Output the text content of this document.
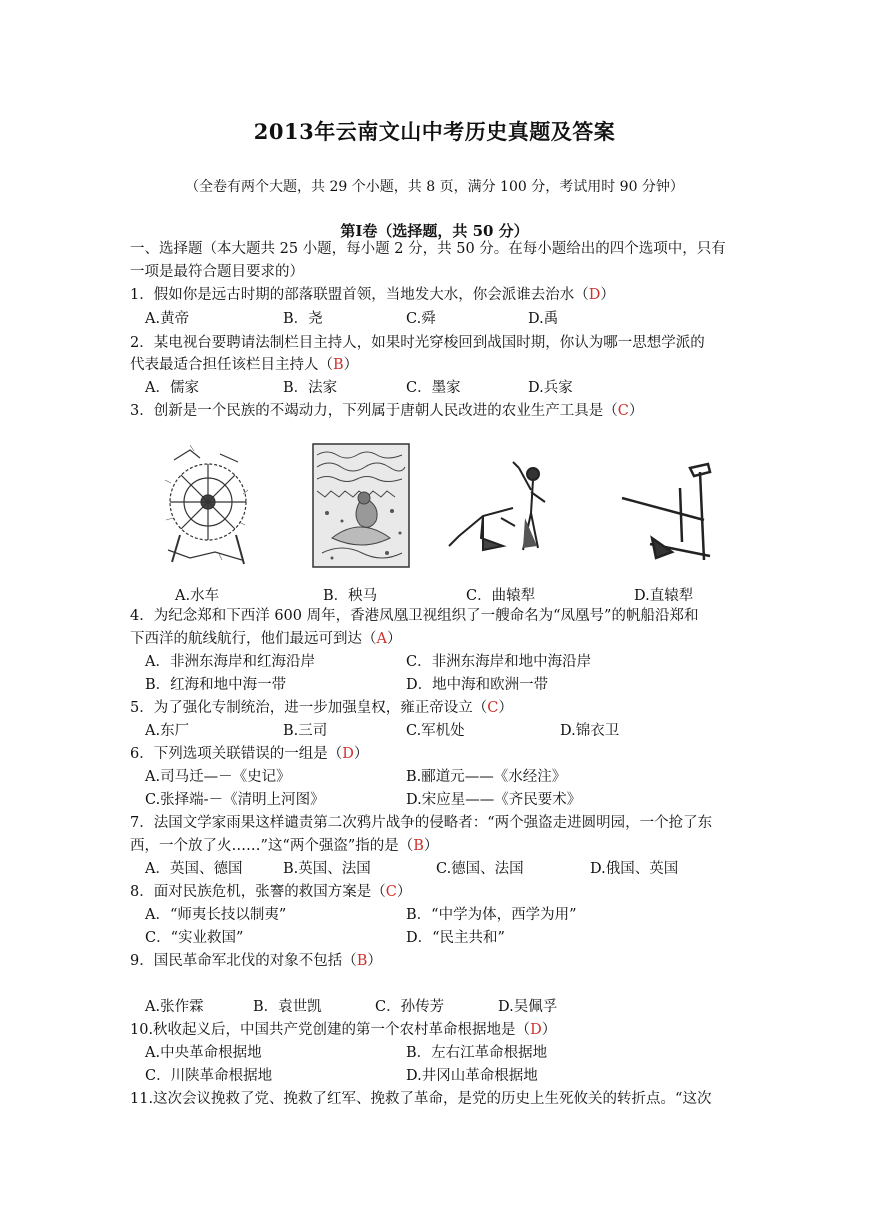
2013年云南文山中考历史真题及答案
（全卷有两个大题，共 29 个小题，共 8 页，满分 100 分，考试用时 90 分钟）
第Ⅰ卷（选择题，共 50 分）
一、选择题（本大题共 25 小题，每小题 2 分，共 50 分。在每小题给出的四个选项中，只有
一项是最符合题目要求的）
1．假如你是远古时期的部落联盟首领，当地发大水，你会派谁去治水（D）
A.黄帝	B．尧	C.舜	D.禹
2．某电视台要聘请法制栏目主持人，如果时光穿梭回到战国时期，你认为哪一思想学派的
代表最适合担任该栏目主持人（B）
A．儒家	B．法家	C．墨家	D.兵家
3．创新是一个民族的不竭动力，下列属于唐朝人民改进的农业生产工具是（C）
A.水车	B．秧马	C．曲辕犁	D.直辕犁
4．为纪念郑和下西洋 600 周年，香港凤凰卫视组织了一艘命名为“凤凰号”的帆船沿郑和
下西洋的航线航行，他们最远可到达（A）
A．非洲东海岸和红海沿岸	C．非洲东海岸和地中海沿岸
B．红海和地中海一带	D．地中海和欧洲一带
5．为了强化专制统治，进一步加强皇权，雍正帝设立（C）
A.东厂	B.三司	C.军机处	D.锦衣卫
6．下列选项关联错误的一组是（D）
A.司马迁—－《史记》	B.郦道元——《水经注》
C.张择端-－《清明上河图》	D.宋应星——《齐民要术》
7．法国文学家雨果这样谴责第二次鸦片战争的侵略者：“两个强盗走进圆明园，一个抢了东
西，一个放了火……”这“两个强盗”指的是（B）
A．英国、德国	B.英国、法国	C.德国、法国	D.俄国、英国
8．面对民族危机，张謇的救国方案是（C）
A．“师夷长技以制夷”	B．“中学为体，西学为用”
C．“实业救国”	D．“民主共和”
9．国民革命军北伐的对象不包括（B）
A.张作霖	B．袁世凯	C．孙传芳	D.吴佩孚
10.秋收起义后，中国共产党创建的第一个农村革命根据地是（D）
A.中央革命根据地	B．左右江革命根据地
C．川陕革命根据地	D.井冈山革命根据地
11.这次会议挽救了党、挽救了红军、挽救了革命，是党的历史上生死攸关的转折点。“这次
